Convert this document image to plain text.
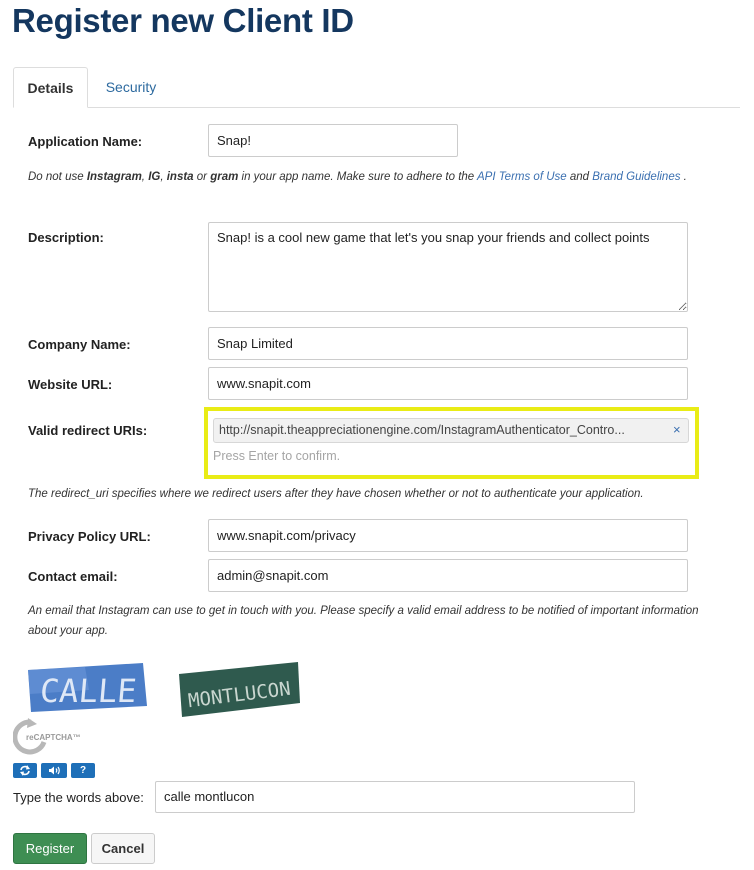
Register new Client ID
Details	Security
Application Name:	Snap!
Do not use Instagram, IG, insta or gram in your app name. Make sure to adhere to the API Terms of Use and Brand Guidelines .
Description:
Snap! is a cool new game that let's you snap your friends and collect points
Company Name:	Snap Limited
Website URL:	www.snapit.com
Valid redirect URIs:	http://snapit.theappreciationengine.com/InstagramAuthenticator_Contro...	×
Press Enter to confirm.
The redirect_uri specifies where we redirect users after they have chosen whether or not to authenticate your application.
Privacy Policy URL:	www.snapit.com/privacy
Contact email:	admin@snapit.com
An email that Instagram can use to get in touch with you. Please specify a valid email address to be notified of important information about your app.
CALLE	MONTLUCON
reCAPTCHA™
?
Type the words above:	calle montlucon
Register	Cancel
